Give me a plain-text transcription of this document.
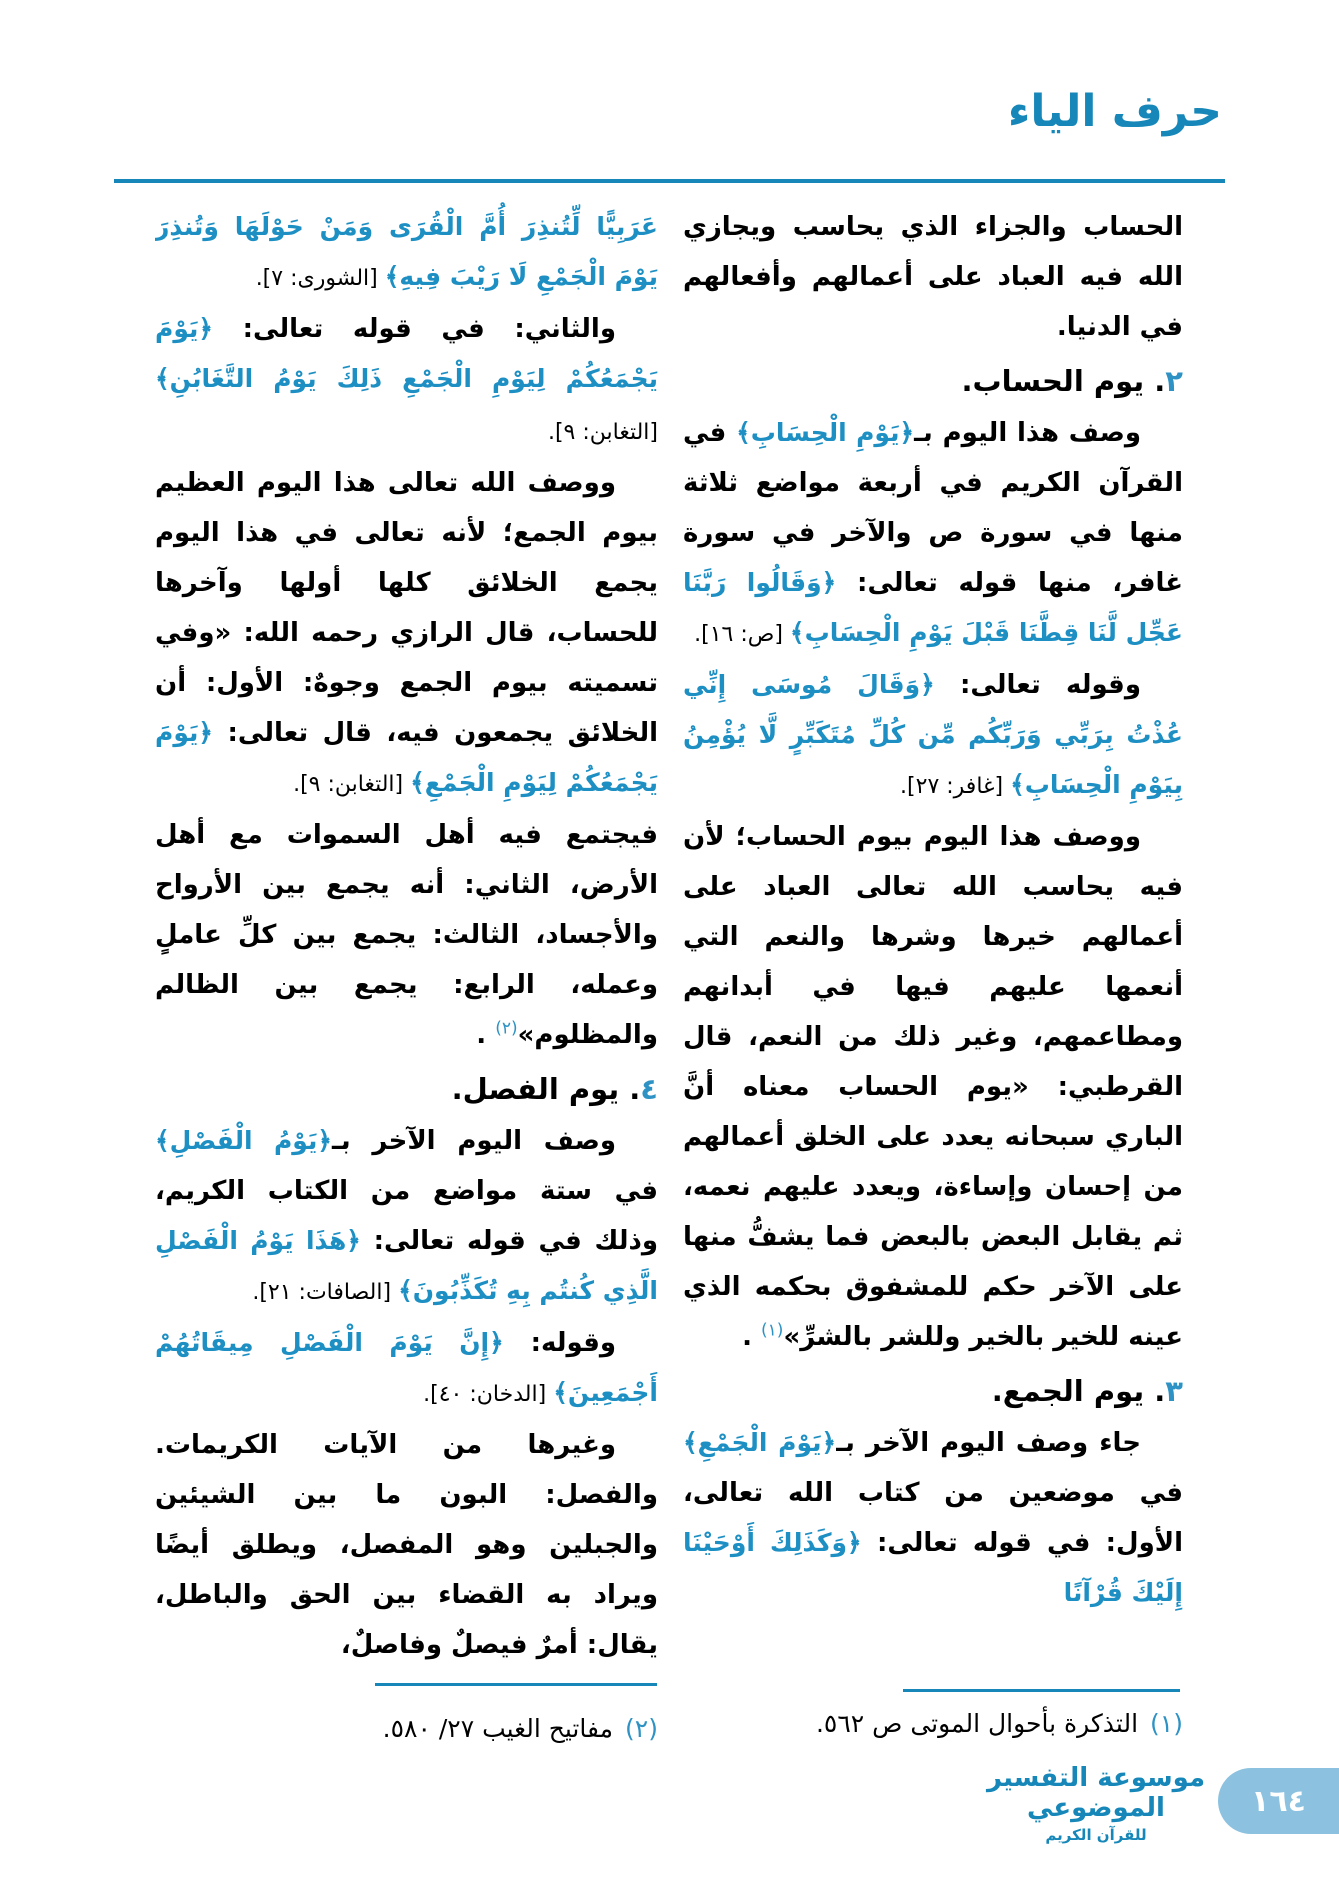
حرف الياء

الحساب والجزاء الذي يحاسب ويجازي الله فيه العباد على أعمالهم وأفعالهم في الدنيا.

٢. يوم الحساب.

وصف هذا اليوم بـ﴿يَوْمِ الْحِسَابِ﴾ في القرآن الكريم في أربعة مواضع ثلاثة منها في سورة ص والآخر في سورة غافر، منها قوله تعالى: ﴿وَقَالُوا رَبَّنَا عَجِّل لَّنَا قِطَّنَا قَبْلَ يَوْمِ الْحِسَابِ﴾ [ص: ١٦].

وقوله تعالى: ﴿وَقَالَ مُوسَى إِنِّي عُذْتُ بِرَبِّي وَرَبِّكُم مِّن كُلِّ مُتَكَبِّرٍ لَّا يُؤْمِنُ بِيَوْمِ الْحِسَابِ﴾ [غافر: ٢٧].

ووصف هذا اليوم بيوم الحساب؛ لأن فيه يحاسب الله تعالى العباد على أعمالهم خيرها وشرها والنعم التي أنعمها عليهم فيها في أبدانهم ومطاعمهم، وغير ذلك من النعم، قال القرطبي: «يوم الحساب معناه أنَّ الباري سبحانه يعدد على الخلق أعمالهم من إحسان وإساءة، ويعدد عليهم نعمه، ثم يقابل البعض بالبعض فما يشفُّ منها على الآخر حكم للمشفوق بحكمه الذي عينه للخير بالخير وللشر بالشرِّ»$^{(١)}$ .

٣. يوم الجمع.

جاء وصف اليوم الآخر بـ﴿يَوْمَ الْجَمْعِ﴾ في موضعين من كتاب الله تعالى، الأول: في قوله تعالى: ﴿وَكَذَلِكَ أَوْحَيْنَا إِلَيْكَ قُرْآنًا

عَرَبِيًّا لِّتُنذِرَ أُمَّ الْقُرَى وَمَنْ حَوْلَهَا وَتُنذِرَ يَوْمَ الْجَمْعِ لَا رَيْبَ فِيهِ﴾ [الشورى: ٧].

والثاني: في قوله تعالى: ﴿يَوْمَ يَجْمَعُكُمْ لِيَوْمِ الْجَمْعِ ذَلِكَ يَوْمُ التَّغَابُنِ﴾ [التغابن: ٩].

ووصف الله تعالى هذا اليوم العظيم بيوم الجمع؛ لأنه تعالى في هذا اليوم يجمع الخلائق كلها أولها وآخرها للحساب، قال الرازي رحمه الله: «وفي تسميته بيوم الجمع وجوهٌ: الأول: أن الخلائق يجمعون فيه، قال تعالى: ﴿يَوْمَ يَجْمَعُكُمْ لِيَوْمِ الْجَمْعِ﴾ [التغابن: ٩].

فيجتمع فيه أهل السموات مع أهل الأرض، الثاني: أنه يجمع بين الأرواح والأجساد، الثالث: يجمع بين كلِّ عاملٍ وعمله، الرابع: يجمع بين الظالم والمظلوم»$^{(٢)}$ .

٤. يوم الفصل.

وصف اليوم الآخر بـ﴿يَوْمُ الْفَصْلِ﴾ في ستة مواضع من الكتاب الكريم، وذلك في قوله تعالى: ﴿هَذَا يَوْمُ الْفَصْلِ الَّذِي كُنتُم بِهِ تُكَذِّبُونَ﴾ [الصافات: ٢١].

وقوله: ﴿إِنَّ يَوْمَ الْفَصْلِ مِيقَاتُهُمْ أَجْمَعِينَ﴾ [الدخان: ٤٠].

وغيرها من الآيات الكريمات. والفصل: البون ما بين الشيئين والجبلين وهو المفصل، ويطلق أيضًا ويراد به القضاء بين الحق والباطل، يقال: أمرٌ فيصلٌ وفاصلٌ،

(١)التذكرة بأحوال الموتى ص ٥٦٢.
(٢)مفاتيح الغيب ٢٧/ ٥٨٠.
موسوعة التفسير الموضوعي
للقرآن الكريم
١٦٤
